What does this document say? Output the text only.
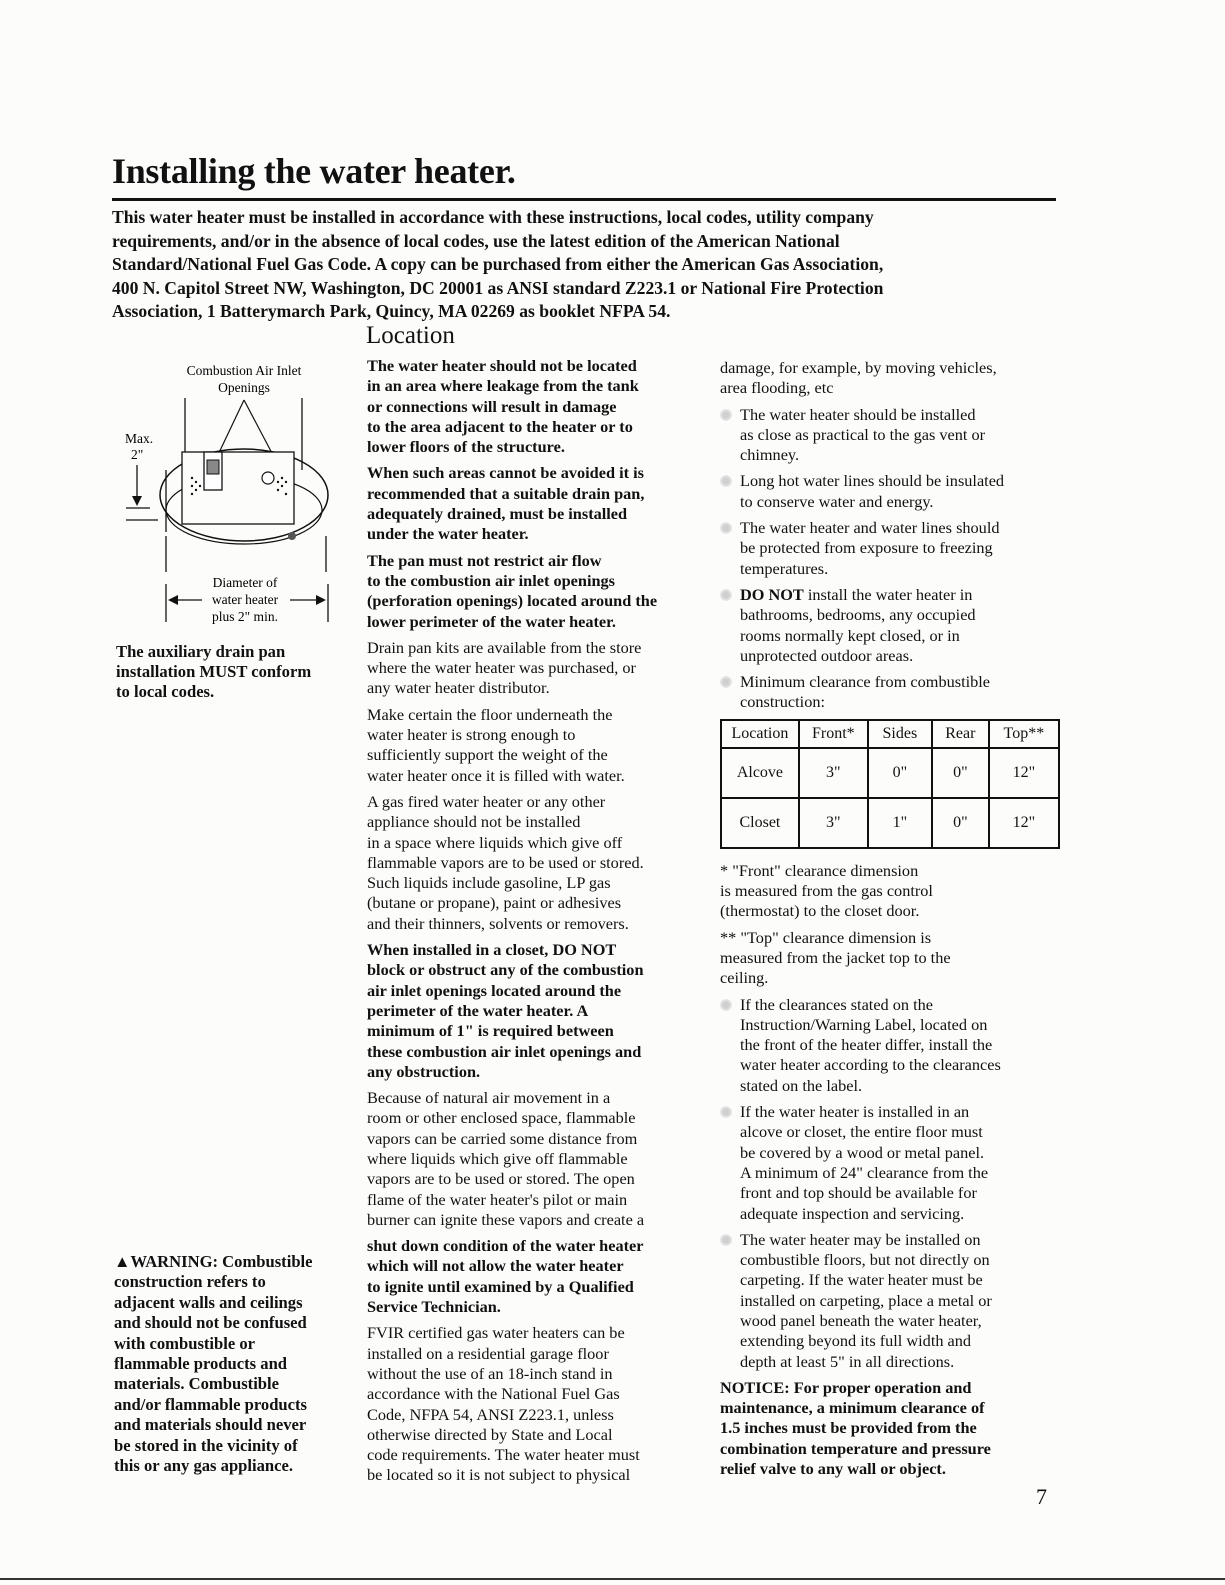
Installing the water heater.

This water heater must be installed in accordance with these instructions, local codes, utility company
requirements, and/or in the absence of local codes, use the latest edition of the American National
Standard/National Fuel Gas Code. A copy can be purchased from either the American Gas Association,
400 N. Capitol Street NW, Washington, DC 20001 as ANSI standard Z223.1 or National Fire Protection
Association, 1 Batterymarch Park, Quincy, MA 02269 as booklet NFPA 54.

Location
Combustion Air Inlet
Openings
Max.
2"
Diameter of
water heater
plus 2" min.

The auxiliary drain pan
installation MUST conform
to local codes.

▲WARNING: Combustible
construction refers to
adjacent walls and ceilings
and should not be confused
with combustible or
flammable products and
materials. Combustible
and/or flammable products
and materials should never
be stored in the vicinity of
this or any gas appliance.

The water heater should not be located
in an area where leakage from the tank
or connections will result in damage
to the area adjacent to the heater or to
lower floors of the structure.

When such areas cannot be avoided it is
recommended that a suitable drain pan,
adequately drained, must be installed
under the water heater.

The pan must not restrict air flow
to the combustion air inlet openings
(perforation openings) located around the
lower perimeter of the water heater.

Drain pan kits are available from the store
where the water heater was purchased, or
any water heater distributor.

Make certain the floor underneath the
water heater is strong enough to
sufficiently support the weight of the
water heater once it is filled with water.

A gas fired water heater or any other
appliance should not be installed
in a space where liquids which give off
flammable vapors are to be used or stored.
Such liquids include gasoline, LP gas
(butane or propane), paint or adhesives
and their thinners, solvents or removers.

When installed in a closet, DO NOT
block or obstruct any of the combustion
air inlet openings located around the
perimeter of the water heater. A
minimum of 1" is required between
these combustion air inlet openings and
any obstruction.

Because of natural air movement in a
room or other enclosed space, flammable
vapors can be carried some distance from
where liquids which give off flammable
vapors are to be used or stored. The open
flame of the water heater's pilot or main
burner can ignite these vapors and create a

shut down condition of the water heater
which will not allow the water heater
to ignite until examined by a Qualified
Service Technician.

FVIR certified gas water heaters can be
installed on a residential garage floor
without the use of an 18-inch stand in
accordance with the National Fuel Gas
Code, NFPA 54, ANSI Z223.1, unless
otherwise directed by State and Local
code requirements. The water heater must
be located so it is not subject to physical

damage, for example, by moving vehicles,
area flooding, etc

The water heater should be installed
as close as practical to the gas vent or
chimney.
Long hot water lines should be insulated
to conserve water and energy.
The water heater and water lines should
be protected from exposure to freezing
temperatures.
DO NOT install the water heater in
bathrooms, bedrooms, any occupied
rooms normally kept closed, or in
unprotected outdoor areas.
Minimum clearance from combustible
construction:
Location	Front*	Sides	Rear	Top**
Alcove	3"	0"	0"	12"
Closet	3"	1"	0"	12"

* "Front" clearance dimension
is measured from the gas control
(thermostat) to the closet door.

** "Top" clearance dimension is
measured from the jacket top to the
ceiling.

If the clearances stated on the
Instruction/Warning Label, located on
the front of the heater differ, install the
water heater according to the clearances
stated on the label.
If the water heater is installed in an
alcove or closet, the entire floor must
be covered by a wood or metal panel.
A minimum of 24" clearance from the
front and top should be available for
adequate inspection and servicing.
The water heater may be installed on
combustible floors, but not directly on
carpeting. If the water heater must be
installed on carpeting, place a metal or
wood panel beneath the water heater,
extending beyond its full width and
depth at least 5" in all directions.

NOTICE: For proper operation and
maintenance, a minimum clearance of
1.5 inches must be provided from the
combination temperature and pressure
relief valve to any wall or object.

7
